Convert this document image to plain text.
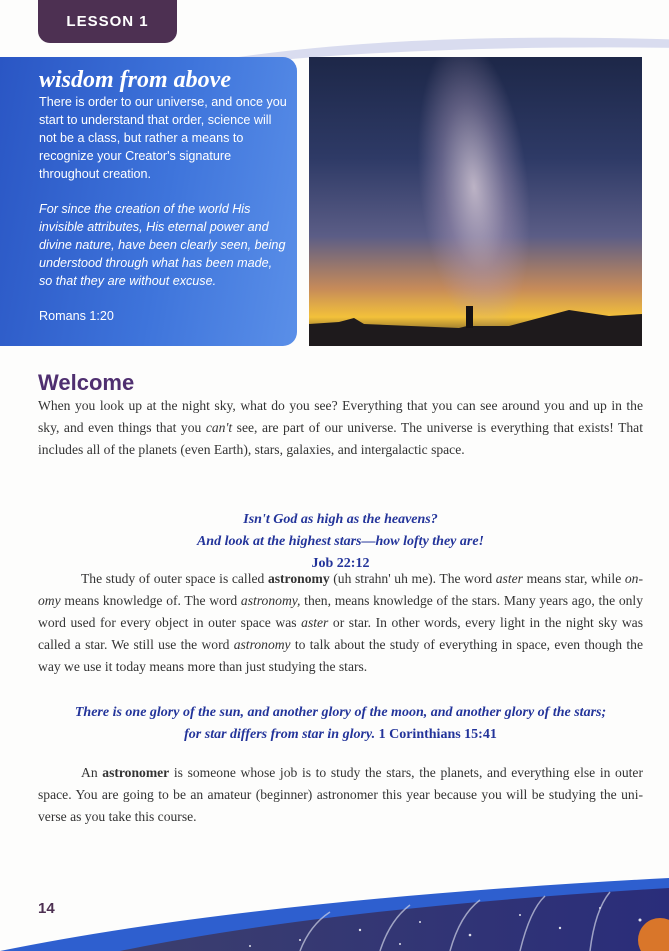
LESSON 1
wisdom from above

There is order to our universe, and once you start to understand that order, science will not be a class, but rather a means to recognize your Creator's signature throughout creation.

For since the creation of the world His invisible attributes, His eternal power and divine nature, have been clearly seen, being understood through what has been made, so that they are without excuse.

Romans 1:20

Welcome

When you look up at the night sky, what do you see? Everything that you can see around you and up in the sky, and even things that you can't see, are part of our universe. The universe is everything that exists! That includes all of the planets (even Earth), stars, galaxies, and intergalactic space.

Isn't God as high as the heavens?
And look at the highest stars—how lofty they are!
Job 22:12

The study of outer space is called astronomy (uh strahn' uh me). The word aster means star, while on-omy means knowledge of. The word astronomy, then, means knowledge of the stars. Many years ago, the only word used for every object in outer space was aster or star. In other words, every light in the night sky was called a star. We still use the word astronomy to talk about the study of everything in space, even though the way we use it today means more than just studying the stars.

There is one glory of the sun, and another glory of the moon, and another glory of the stars;
for star differs from star in glory. 1 Corinthians 15:41

An astronomer is someone whose job is to study the stars, the planets, and everything else in outer space. You are going to be an amateur (beginner) astronomer this year because you will be studying the uni-verse as you take this course.

14
